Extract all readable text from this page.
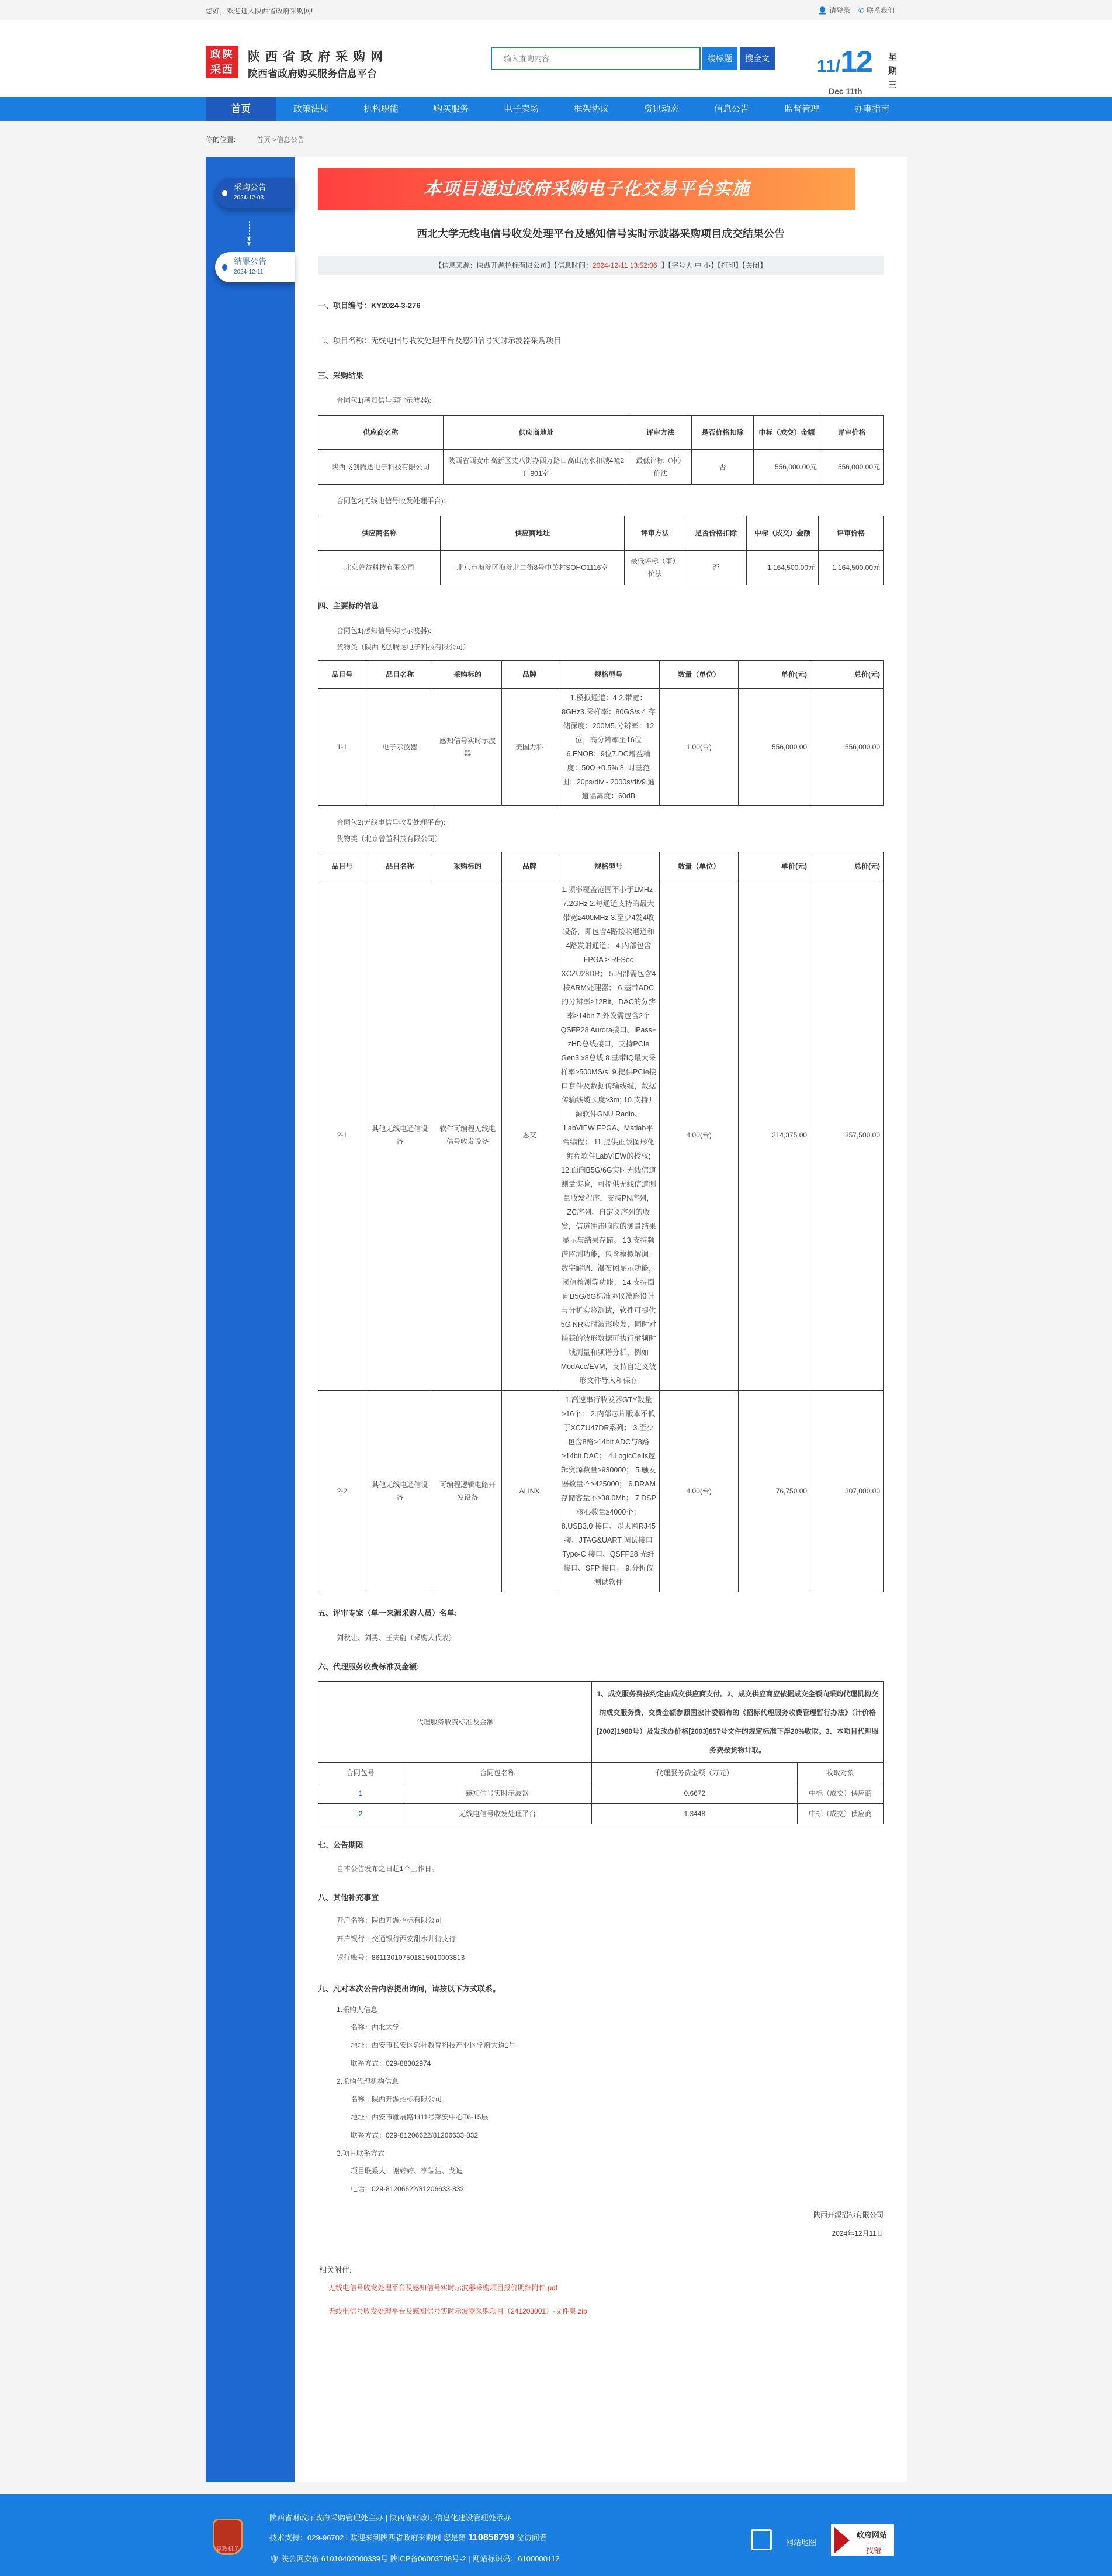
您好，欢迎进入陕西省政府采购网!	👤 请登录 ✆ 联系我们
政陕
采西
陕西省政府采购网
陕西省政府购买服务信息平台
输入查询内容
搜标题	搜全文	11/12
Dec 11th
星期三
首页	政策法规	机构职能	购买服务	电子卖场	框架协议	资讯动态	信息公告	监督管理	办事指南
你的位置:	首页 >信息公告
采购公告
2024-12-03
▼
▼
结果公告
2024-12-11
本项目通过政府采购电子化交易平台实施
西北大学无线电信号收发处理平台及感知信号实时示波器采购项目成交结果公告
【信息来源：陕西开源招标有限公司】【信息时间：2024-12-11 13:52:06 】【字号大 中 小】【打印】【关闭】
一、项目编号：KY2024-3-276
二、项目名称：无线电信号收发处理平台及感知信号实时示波器采购项目
三、采购结果
合同包1(感知信号实时示波器):
供应商名称	供应商地址	评审方法	是否价格扣除	中标（成交）金额	评审价格
陕西飞创腾达电子科技有限公司	陕西省西安市高新区丈八街办西万路口高山流水和城4幢2门901室	最低评标（审）价法	否	556,000.00元	556,000.00元
合同包2(无线电信号收发处理平台):
供应商名称	供应商地址	评审方法	是否价格扣除	中标（成交）金额	评审价格
北京曾益科技有限公司	北京市海淀区海淀北二街8号中关村SOHO1116室	最低评标（审）价法	否	1,164,500.00元	1,164,500.00元
四、主要标的信息
合同包1(感知信号实时示波器):
货物类（陕西飞创腾达电子科技有限公司）
品目号	品目名称	采购标的	品牌	规格型号	数量（单位）	单价(元)	总价(元)
1-1	电子示波器	感知信号实时示波器	美国力科	1.模拟通道：4 2.带宽：8GHz3.采样率：80GS/s 4.存储深度：200M5.分辨率：12位，高分辨率至16位6.ENOB：9位7.DC增益精度：50Ω ±0.5% 8. 时基范围：20ps/div - 2000s/div9.通道隔离度：60dB	1.00(台)	556,000.00	556,000.00
合同包2(无线电信号收发处理平台):
货物类（北京曾益科技有限公司）
品目号	品目名称	采购标的	品牌	规格型号	数量（单位）	单价(元)	总价(元)
2-1	其他无线电通信设备	软件可编程无线电信号收发设备	恩艾	1.频率覆盖范围不小于1MHz-7.2GHz 2.每通道支持的最大带宽≥400MHz 3.至少4发4收设备，即包含4路接收通道和 4路发射通道； 4.内部包含FPGA ≥ RFSoc XCZU28DR； 5.内部需包含4核ARM处理器； 6.基带ADC的分辨率≥12Bit，DAC的分辨率≥14bit 7.外设需包含2个QSFP28 Aurora接口、iPass+ zHD总线接口，支持PCIe Gen3 x8总线 8.基带IQ最大采样率≥500MS/s; 9.提供PCIe接口套件及数据传输线缆，数据传输线缆长度≥3m; 10.支持开源软件GNU Radio、LabVIEW FPGA、Matlab平台编程； 11.提供正版图形化编程软件LabVIEW的授权; 12.面向B5G/6G实时无线信道测量实验，可提供无线信道测量收发程序，支持PN序列，ZC序列、自定义序列的收发，信道冲击响应的测量结果显示与结果存储。 13.支持频谱监测功能，包含模拟解调、数字解调、瀑布图显示功能，阈值检测等功能； 14.支持面向B5G/6G标准协议波形设计与分析实验测试，软件可提供5G NR实时波形收发，同时对捕获的波形数据可执行射频时域测量和频谱分析，例如ModAcc/EVM，支持自定义波形文件导入和保存	4.00(台)	214,375.00	857,500.00
2-2	其他无线电通信设备	可编程逻辑电路开发设备	ALINX	1.高速串行收发器GTY数量≥16个； 2.内部芯片版本不低于XCZU47DR系列； 3.至少包含8路≥14bit ADC与8路≥14bit DAC； 4.LogicCells逻辑资源数量≥930000； 5.触发器数量不≥425000； 6.BRAM存储容量不≥38.0Mb； 7.DSP核心数量≥4000个； 8.USB3.0 接口、以太网RJ45 接、JTAG&UART 调试接口Type-C 接口、QSFP28 光纤接口、SFP 接口； 9.分析仪测试软件	4.00(台)	76,750.00	307,000.00
五、评审专家（单一来源采购人员）名单:
刘秋让、刘勇、王夫蔚（采购人代表）
六、代理服务收费标准及金额:
代理服务收费标准及金额		1、成交服务费按约定由成交供应商支付。2、成交供应商应依据成交金额向采购代理机构交纳成交服务费，交费金额参照国家计委颁布的《招标代理服务收费管理暂行办法》（计价格[2002]1980号）及发改办价格[2003]857号文件的规定标准下浮20%收取。3、本项目代理服务费按货物计取。	
合同包号	合同包名称	代理服务费金额（万元）	收取对象
1	感知信号实时示波器	0.6672	中标（成交）供应商
2	无线电信号收发处理平台	1.3448	中标（成交）供应商
七、公告期限
自本公告发布之日起1个工作日。
八、其他补充事宜
开户名称：陕西开源招标有限公司
开户银行：交通银行西安甜水井街支行
银行账号：861130107501815010003813
九、凡对本次公告内容提出询问，请按以下方式联系。
1.采购人信息
名称：西北大学
地址：西安市长安区郭杜教育科技产业区学府大道1号
联系方式：029-88302974
2.采购代理机构信息
名称：陕西开源招标有限公司
地址：西安市雁展路1111号莱安中心T6-15层
联系方式：029-81206622/81206633-832
3.项目联系方式
项目联系人：谢婷婷、李瑞洁、戈迪
电话：029-81206622/81206633-832
陕西开源招标有限公司
2024年12月11日
相关附件:
无线电信号收发处理平台及感知信号实时示波器采购项目报价明细附件.pdf
无线电信号收发处理平台及感知信号实时示波器采购项目（241203001）-文件集.zip
党政机关
陕西省财政厅政府采购管理处主办 | 陕西省财政厅信息化建设管理处承办
技术支持：029-96702 | 欢迎来到陕西省政府采购网 您是第 110856799 位访问者
🛡 陕公网安备 61010402000339号 陕ICP备06003708号-2 | 网站标识码：6100000112
网站地图
政府网站
找错
